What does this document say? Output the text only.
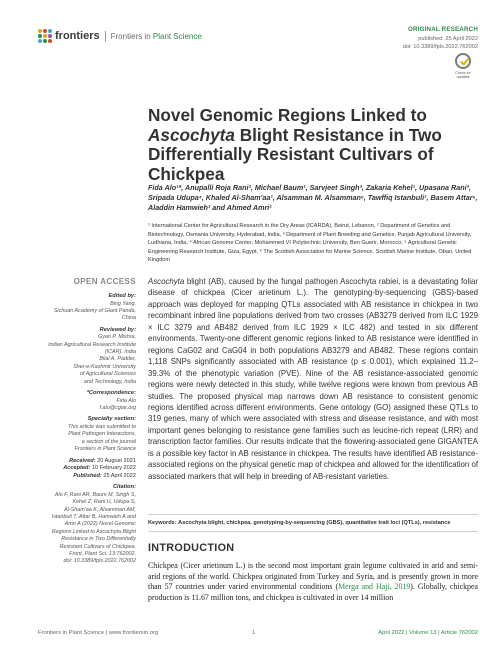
frontiers Frontiers in Plant Science
ORIGINAL RESEARCH
published: 25 April 2022
doi: 10.3389/fpls.2022.762002
Check for updates
Novel Genomic Regions Linked to
Ascochyta Blight Resistance in Two
Differentially Resistant Cultivars of
Chickpea
Fida Alo¹*, Anupalli Roja Rani², Michael Baum¹, Sarvjeet Singh³, Zakaria Kehel¹, Upasana Rani³, Sripada Udupa⁴, Khaled Al-Sham'aa¹, Alsamman M. Alsamman⁵, Tawffiq Istanbuli¹, Basem Attar⁶, Aladdin Hamwieh¹ and Ahmed Amri¹
¹ International Center for Agricultural Research in the Dry Areas (ICARDA), Beirut, Lebanon, ² Department of Genetics and Biotechnology, Osmania University, Hyderabad, India, ³ Department of Plant Breeding and Genetics, Punjab Agricultural University, Ludhiana, India, ⁴ African Genome Center, Mohammed VI Polytechnic University, Ben Guerir, Morocco, ⁵ Agricultural Genetic Engineering Research Institute, Giza, Egypt, ⁶ The Scottish Association for Marine Science, Scottish Marine Institute, Oban, United Kingdom
OPEN ACCESS
Edited by:
Bing Yang,
Sichuan Academy of Giant Panda,
China
Reviewed by:
Gyan P. Mishra,
Indian Agricultural Research Institute
(ICAR), India
Bilal A. Padder,
Sher-e-Kashmir University
of Agricultural Sciences
and Technology, India
*Correspondence:
Fida Alo
f.alo@cgiar.org
Specialty section:
This article was submitted to
Plant Pathogen Interactions,
a section of the journal
Frontiers in Plant Science
Received: 20 August 2021
Accepted: 10 February 2022
Published: 25 April 2022
Citation:
Alo F, Rani AR, Baum M, Singh S,
Kehel Z, Rani U, Udupa S,
Al-Sham'aa K, Alsamman AM,
Istanbuli T, Attar B, Hamwieh A and
Amri A (2022) Novel Genomic
Regions Linked to Ascochyta Blight
Resistance in Two Differentially
Resistant Cultivars of Chickpea.
Front. Plant Sci. 13:762002.
doi: 10.3389/fpls.2022.762002
Ascochyta blight (AB), caused by the fungal pathogen Ascochyta rabiei, is a devastating foliar disease of chickpea (Cicer arietinum L.). The genotyping-by-sequencing (GBS)-based approach was deployed for mapping QTLs associated with AB resistance in chickpea in two recombinant inbred line populations derived from two crosses (AB3279 derived from ILC 1929 × ILC 3279 and AB482 derived from ILC 1929 × ILC 482) and tested in six different environments. Twenty-one different genomic regions linked to AB resistance were identified in regions CaG02 and CaG04 in both populations AB3279 and AB482. These regions contain 1,118 SNPs significantly associated with AB resistance (p ≤ 0.001), which explained 11.2–39.3% of the phenotypic variation (PVE). Nine of the AB resistance-associated genomic regions were newly detected in this study, while twelve regions were known from previous AB studies. The proposed physical map narrows down AB resistance to consistent genomic regions identified across different environments. Gene ontology (GO) assigned these QTLs to 319 genes, many of which were associated with stress and disease resistance, and with most important genes belonging to resistance gene families such as leucine-rich repeat (LRR) and transcription factor families. Our results indicate that the flowering-associated gene GIGANTEA is a possible key factor in AB resistance in chickpea. The results have identified AB resistance-associated regions on the physical genetic map of chickpea and allowed for the identification of associated markers that will help in breeding of AB-resistant varieties.
Keywords: Ascochyta blight, chickpea, genotyping-by-sequencing (GBS), quantitative trait loci (QTLs), resistance
INTRODUCTION
Chickpea (Cicer arietinum L.) is the second most important grain legume cultivated in arid and semi-arid regions of the world. Chickpea originated from Turkey and Syria, and is presently grown in more than 57 countries under varied environmental conditions (Merga and Haji, 2019). Globally, chickpea production is 11.67 million tons, and chickpea is cultivated in over 14 million
Frontiers in Plant Science | www.frontiersin.org	1	April 2022 | Volume 13 | Article 762002
